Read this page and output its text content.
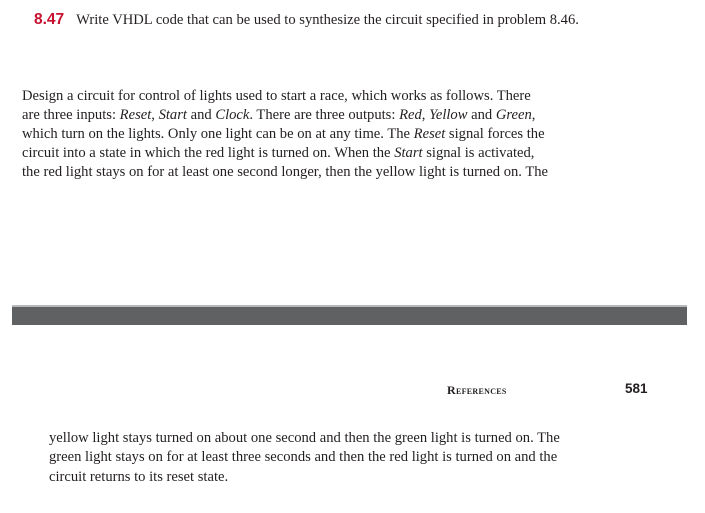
8.47 Write VHDL code that can be used to synthesize the circuit specified in problem 8.46.
Design a circuit for control of lights used to start a race, which works as follows. There
are three inputs: Reset, Start and Clock. There are three outputs: Red, Yellow and Green,
which turn on the lights. Only one light can be on at any time. The Reset signal forces the
circuit into a state in which the red light is turned on. When the Start signal is activated,
the red light stays on for at least one second longer, then the yellow light is turned on. The
References	581
yellow light stays turned on about one second and then the green light is turned on. The
green light stays on for at least three seconds and then the red light is turned on and the
circuit returns to its reset state.
